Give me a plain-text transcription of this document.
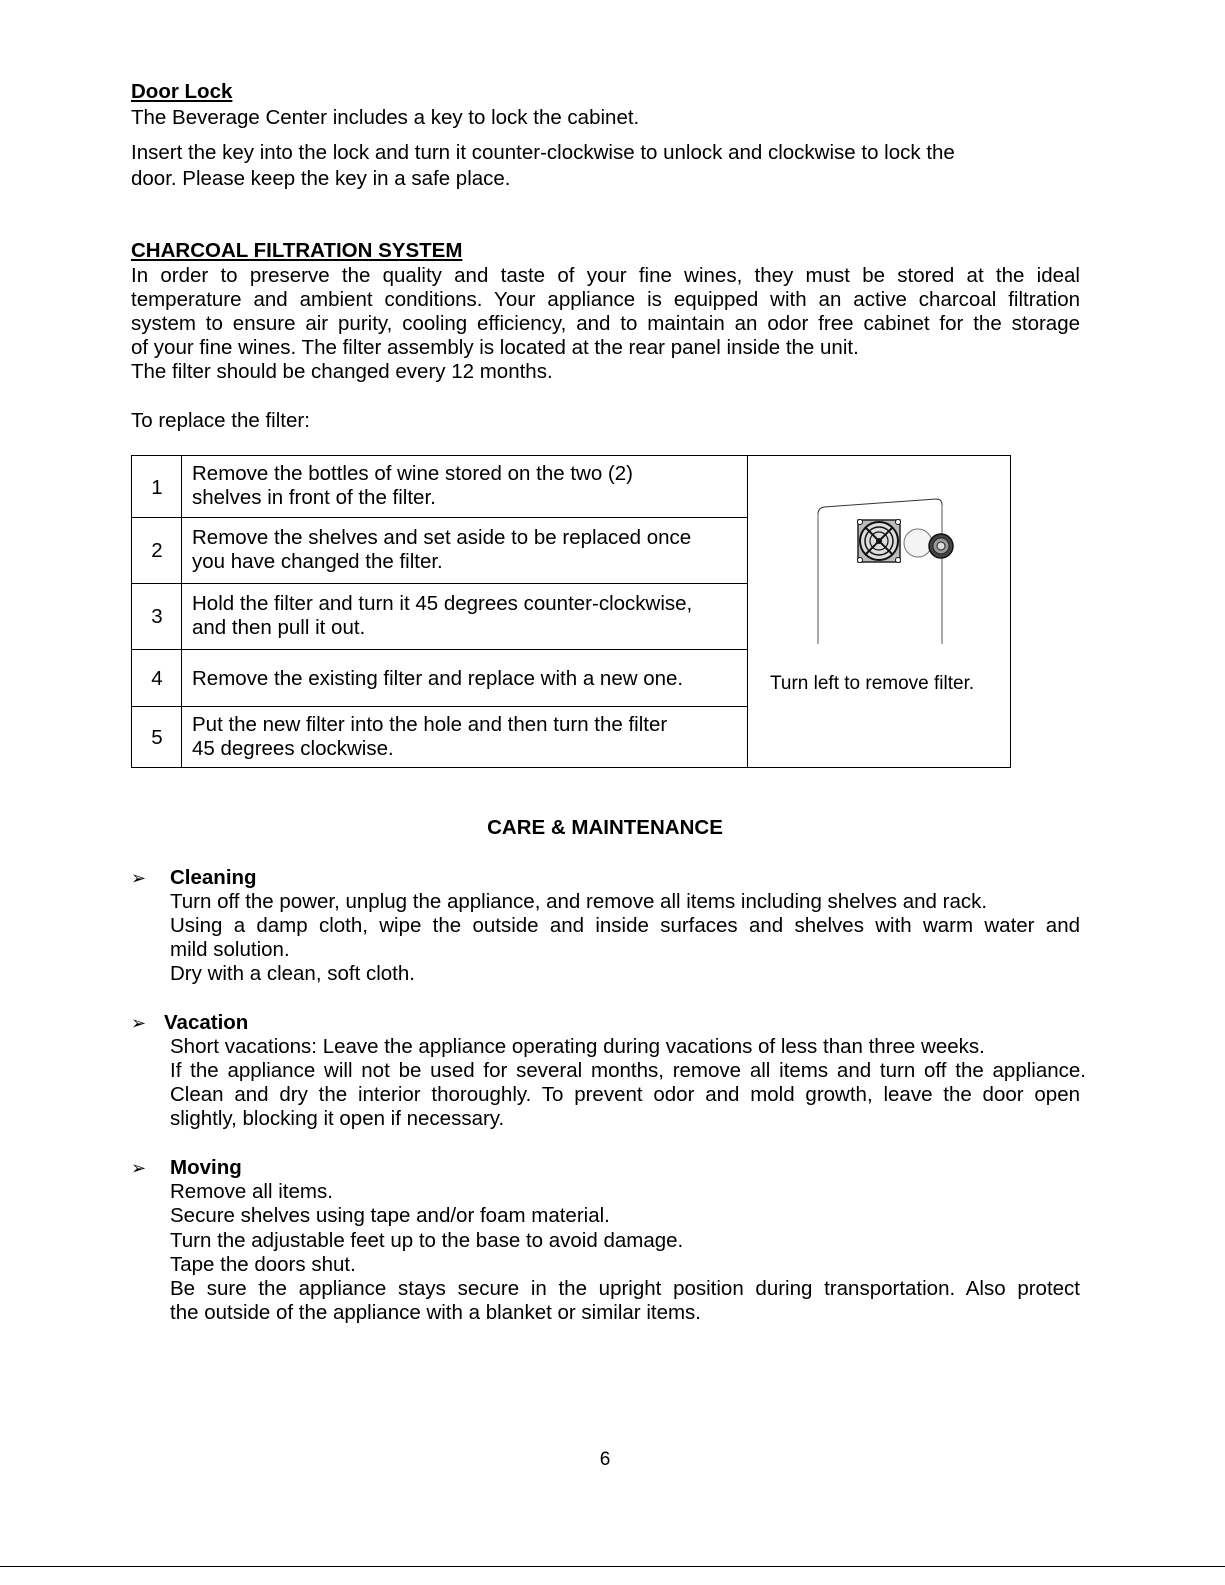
Door Lock
The Beverage Center includes a key to lock the cabinet.
Insert the key into the lock and turn it counter-clockwise to unlock and clockwise to lock the
door. Please keep the key in a safe place.
CHARCOAL FILTRATION SYSTEM
In order to preserve the quality and taste of your fine wines, they must be stored at the ideal
temperature and ambient conditions. Your appliance is equipped with an active charcoal filtration
system to ensure air purity, cooling efficiency, and to maintain an odor free cabinet for the storage
of your fine wines. The filter assembly is located at the rear panel inside the unit.
The filter should be changed every 12 months.
To replace the filter:
1
Remove the bottles of wine stored on the two (2)
shelves in front of the filter.
2
Remove the shelves and set aside to be replaced once
you have changed the filter.
3
Hold the filter and turn it 45 degrees counter-clockwise,
and then pull it out.
4	Remove the existing filter and replace with a new one.
5
Put the new filter into the hole and then turn the filter
45 degrees clockwise.
Turn left to remove filter.
CARE & MAINTENANCE
➢ Cleaning
Turn off the power, unplug the appliance, and remove all items including shelves and rack.
Using a damp cloth, wipe the outside and inside surfaces and shelves with warm water and
mild solution.
Dry with a clean, soft cloth.
➢ Vacation
Short vacations: Leave the appliance operating during vacations of less than three weeks.
If the appliance will not be used for several months, remove all items and turn off the appliance.
Clean and dry the interior thoroughly. To prevent odor and mold growth, leave the door open
slightly, blocking it open if necessary.
➢ Moving
Remove all items.
Secure shelves using tape and/or foam material.
Turn the adjustable feet up to the base to avoid damage.
Tape the doors shut.
Be sure the appliance stays secure in the upright position during transportation. Also protect
the outside of the appliance with a blanket or similar items.
6
